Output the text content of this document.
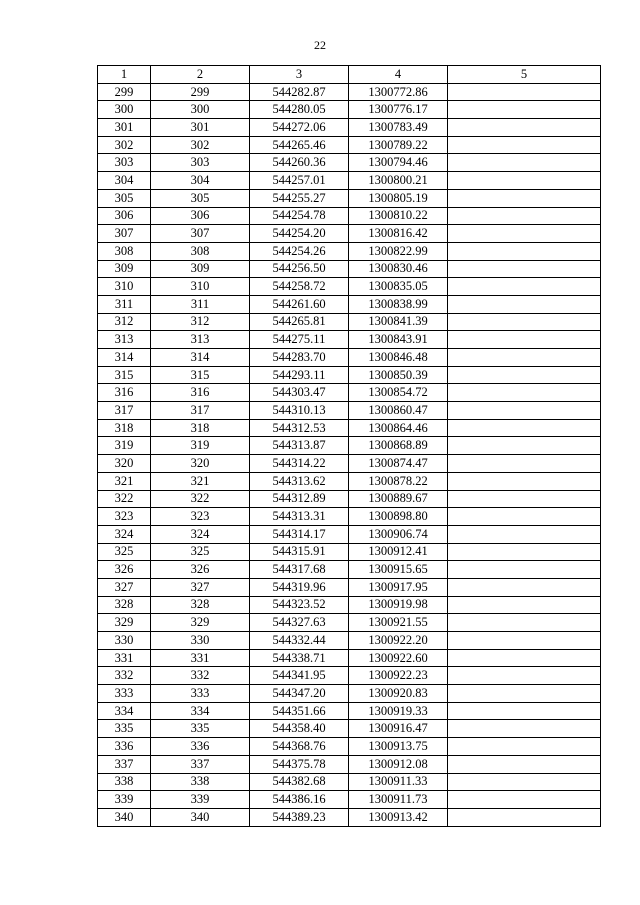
22
1	2	3	4	5
299	299	544282.87	1300772.86	
300	300	544280.05	1300776.17	
301	301	544272.06	1300783.49	
302	302	544265.46	1300789.22	
303	303	544260.36	1300794.46	
304	304	544257.01	1300800.21	
305	305	544255.27	1300805.19	
306	306	544254.78	1300810.22	
307	307	544254.20	1300816.42	
308	308	544254.26	1300822.99	
309	309	544256.50	1300830.46	
310	310	544258.72	1300835.05	
311	311	544261.60	1300838.99	
312	312	544265.81	1300841.39	
313	313	544275.11	1300843.91	
314	314	544283.70	1300846.48	
315	315	544293.11	1300850.39	
316	316	544303.47	1300854.72	
317	317	544310.13	1300860.47	
318	318	544312.53	1300864.46	
319	319	544313.87	1300868.89	
320	320	544314.22	1300874.47	
321	321	544313.62	1300878.22	
322	322	544312.89	1300889.67	
323	323	544313.31	1300898.80	
324	324	544314.17	1300906.74	
325	325	544315.91	1300912.41	
326	326	544317.68	1300915.65	
327	327	544319.96	1300917.95	
328	328	544323.52	1300919.98	
329	329	544327.63	1300921.55	
330	330	544332.44	1300922.20	
331	331	544338.71	1300922.60	
332	332	544341.95	1300922.23	
333	333	544347.20	1300920.83	
334	334	544351.66	1300919.33	
335	335	544358.40	1300916.47	
336	336	544368.76	1300913.75	
337	337	544375.78	1300912.08	
338	338	544382.68	1300911.33	
339	339	544386.16	1300911.73	
340	340	544389.23	1300913.42	
